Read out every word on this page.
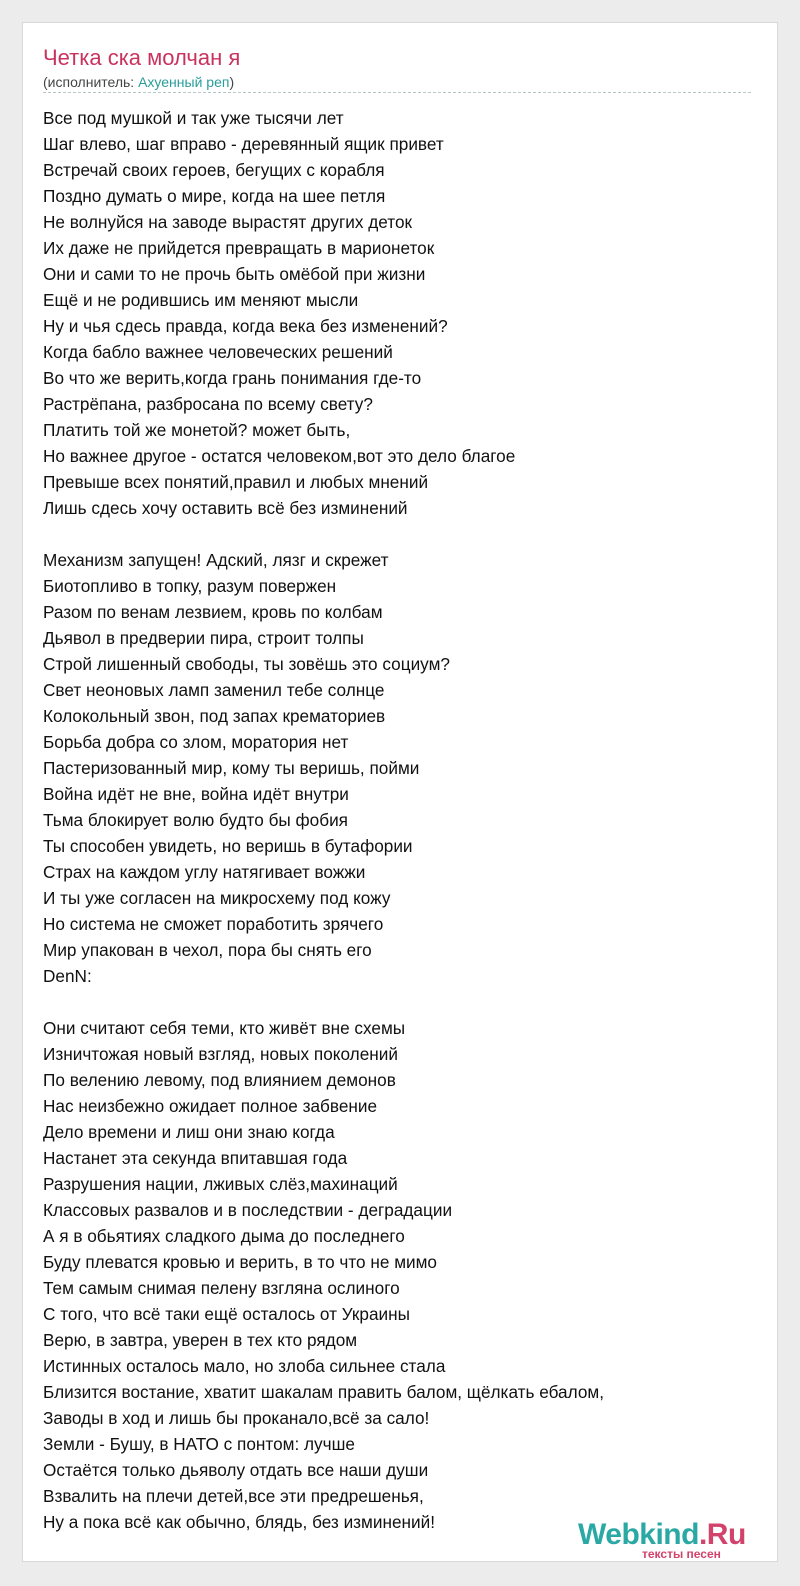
Четка ска молчан я
(исполнитель: Ахуенный реп)
Все под мушкой и так уже тысячи лет
Шаг влево, шаг вправо - деревянный ящик привет
Встречай своих героев, бегущих с корабля
Поздно думать о мире, когда на шее петля
Не волнуйся на заводе вырастят других деток
Их даже не прийдется превращать в марионеток
Они и сами то не прочь быть омёбой при жизни
Ещё и не родившись им меняют мысли
Ну и чья сдесь правда, когда века без изменений?
Когда бабло важнее человеческих решений
Во что же верить,когда грань понимания где-то
Растрёпана, разбросана по всему свету?
Платить той же монетой? может быть,
Но важнее другое - остатся человеком,вот это дело благое
Превыше всех понятий,правил и любых мнений
Лишь сдесь хочу оставить всё без изминений
Механизм запущен! Адский, лязг и скрежет
Биотопливо в топку, разум повержен
Разом по венам лезвием, кровь по колбам
Дьявол в предверии пира, строит толпы
Строй лишенный свободы, ты зовёшь это социум?
Свет неоновых ламп заменил тебе солнце
Колокольный звон, под запах крематориев
Борьба добра со злом, моратория нет
Пастеризованный мир, кому ты веришь, пойми
Война идёт не вне, война идёт внутри
Тьма блокирует волю будто бы фобия
Ты способен увидеть, но веришь в бутафории
Страх на каждом углу натягивает вожжи
И ты уже согласен на микросхему под кожу
Но система не сможет поработить зрячего
Мир упакован в чехол, пора бы снять его
DenN:
Они считают себя теми, кто живёт вне схемы
Изничтожая новый взгляд, новых поколений
По велению левому, под влиянием демонов
Нас неизбежно ожидает полное забвение
Дело времени и лиш они знаю когда
Настанет эта секунда впитавшая года
Разрушения нации, лживых слёз,махинаций
Классовых развалов и в последствии - деградации
А я в обьятиях сладкого дыма до последнего
Буду плеватся кровью и верить, в то что не мимо
Тем самым снимая пелену взгляна ослиного
С того, что всё таки ещё осталось от Украины
Верю, в завтра, уверен в тех кто рядом
Истинных осталось мало, но злоба сильнее стала
Близится востание, хватит шакалам править балом, щёлкать ебалом,
Заводы в ход и лишь бы проканало,всё за сало!
Земли - Бушу, в НАТО с понтом: лучше
Остаётся только дьяволу отдать все наши души
Взвалить на плечи детей,все эти предрешенья,
Ну а пока всё как обычно, блядь, без изминений!	Webkind.Ru
тексты песен
